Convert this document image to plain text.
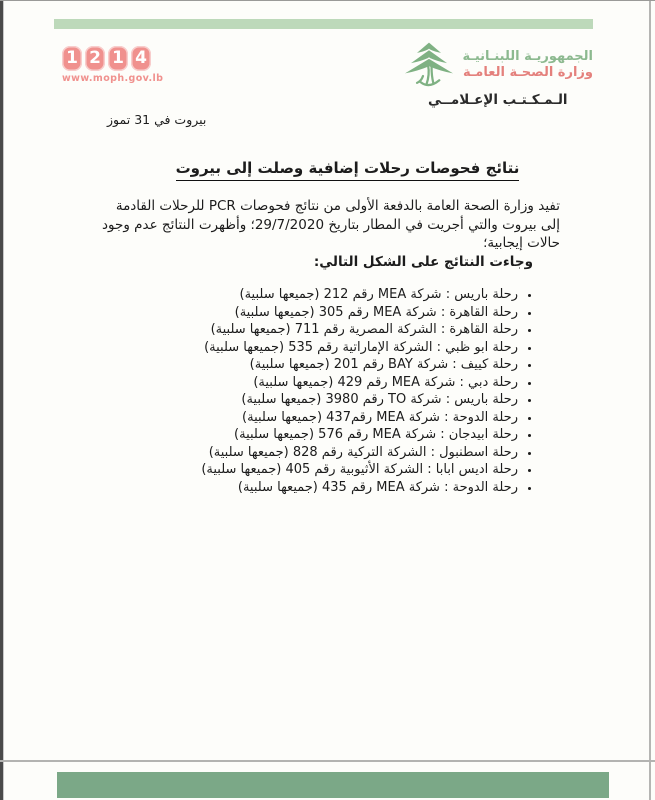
1 2 1 4
www.moph.gov.lb
الجمهوريـة اللبنـانيـة
وزارة الصحـة العامـة
الـمـكـتـب الإعـلامــي
بيروت في 31 تموز
نتائج فحوصات رحلات إضافية وصلت إلى بيروت
تفيد وزارة الصحة العامة بالدفعة الأولى من نتائج فحوصات PCR للرحلات القادمة إلى بيروت والتي أجريت في المطار بتاريخ 29/7/2020؛ وأظهرت النتائج عدم وجود حالات إيجابية؛
وجاءت النتائج على الشكل التالي:
• رحلة باريس : شركة MEA رقم 212 (جميعها سلبية)
• رحلة القاهرة : شركة MEA رقم 305 (جميعها سلبية)
• رحلة القاهرة : الشركة المصرية رقم 711 (جميعها سلبية)
• رحلة ابو ظبي : الشركة الإماراتية رقم 535 (جميعها سلبية)
• رحلة كييف : شركة BAY رقم 201 (جميعها سلبية)
• رحلة دبي : شركة MEA رقم 429 (جميعها سلبية)
• رحلة باريس : شركة TO رقم 3980 (جميعها سلبية)
• رحلة الدوحة : شركة MEA رقم437 (جميعها سلبية)
• رحلة ابيدجان : شركة MEA رقم 576 (جميعها سلبية)
• رحلة اسطنبول : الشركة التركية رقم 828 (جميعها سلبية)
• رحلة اديس ابابا : الشركة الأثيوبية رقم 405 (جميعها سلبية)
• رحلة الدوحة : شركة MEA رقم 435 (جميعها سلبية)
